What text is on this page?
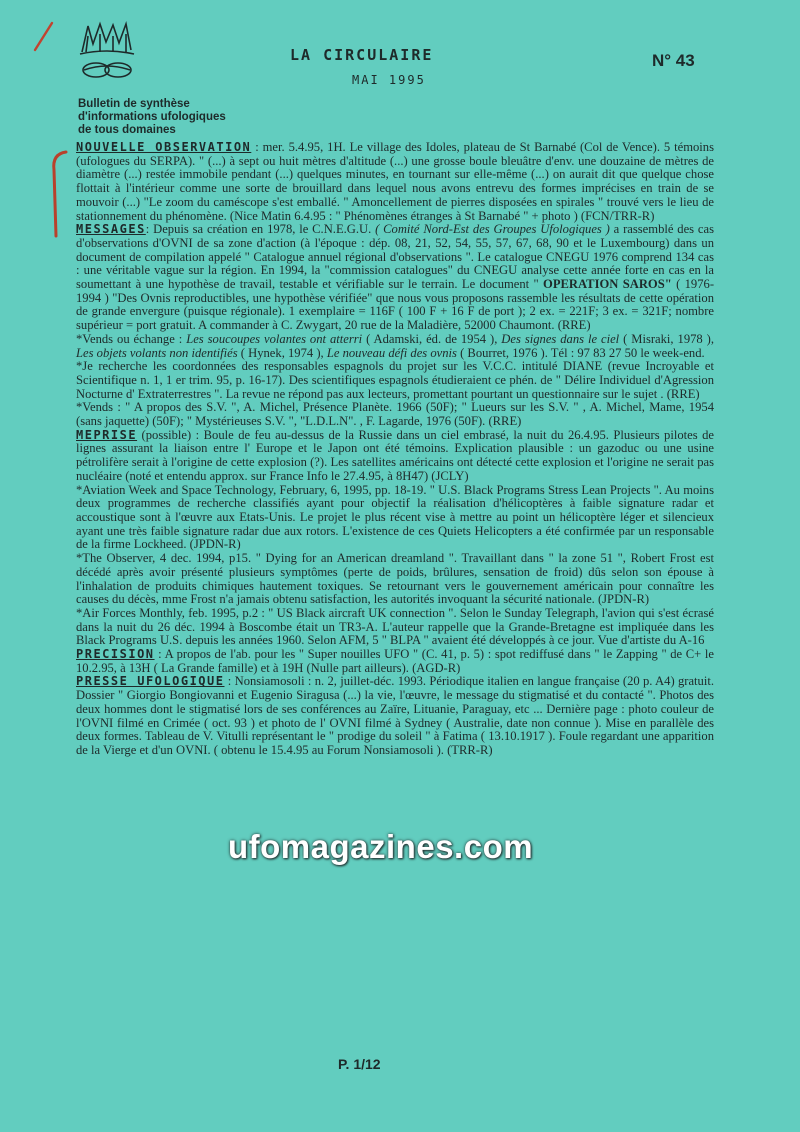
LA CIRCULAIRE
MAI 1995
N° 43
Bulletin de synthèse
d'informations ufologiques
de tous domaines

NOUVELLE OBSERVATION : mer. 5.4.95, 1H. Le village des Idoles, plateau de St Barnabé (Col de Vence). 5 témoins (ufologues du SERPA). " (...) à sept ou huit mètres d'altitude (...) une grosse boule bleuâtre d'env. une douzaine de mètres de diamètre (...) restée immobile pendant (...) quelques minutes, en tournant sur elle-même (...) on aurait dit que quelque chose flottait à l'intérieur comme une sorte de brouillard dans lequel nous avons entrevu des formes imprécises en train de se mouvoir (...) "Le zoom du caméscope s'est emballé. " Amoncellement de pierres disposées en spirales " trouvé vers le lieu de stationnement du phénomène. (Nice Matin 6.4.95 : " Phénomènes étranges à St Barnabé " + photo ) (FCN/TRR-R)

MESSAGES: Depuis sa création en 1978, le C.N.E.G.U. ( Comité Nord-Est des Groupes Ufologiques ) a rassemblé des cas d'observations d'OVNI de sa zone d'action (à l'époque : dép. 08, 21, 52, 54, 55, 57, 67, 68, 90 et le Luxembourg) dans un document de compilation appelé " Catalogue annuel régional d'observations ". Le catalogue CNEGU 1976 comprend 134 cas : une véritable vague sur la région. En 1994, la "commission catalogues" du CNEGU analyse cette année forte en cas en la soumettant à une hypothèse de travail, testable et vérifiable sur le terrain. Le document " OPERATION SAROS" ( 1976-1994 ) "Des Ovnis reproductibles, une hypothèse vérifiée" que nous vous proposons rassemble les résultats de cette opération de grande envergure (puisque régionale). 1 exemplaire = 116F ( 100 F + 16 F de port ); 2 ex. = 221F; 3 ex. = 321F; nombre supérieur = port gratuit. A commander à C. Zwygart, 20 rue de la Maladière, 52000 Chaumont. (RRE)

*Vends ou échange : Les soucoupes volantes ont atterri ( Adamski, éd. de 1954 ), Des signes dans le ciel ( Misraki, 1978 ), Les objets volants non identifiés ( Hynek, 1974 ), Le nouveau défi des ovnis ( Bourret, 1976 ). Tél : 97 83 27 50 le week-end.

*Je recherche les coordonnées des responsables espagnols du projet sur les V.C.C. intitulé DIANE (revue Incroyable et Scientifique n. 1, 1 er trim. 95, p. 16-17). Des scientifiques espagnols étudieraient ce phén. de " Délire Individuel d'Agression Nocturne d' Extraterrestres ". La revue ne répond pas aux lecteurs, promettant pourtant un questionnaire sur le sujet . (RRE)

*Vends : " A propos des S.V. ", A. Michel, Présence Planète. 1966 (50F); " Lueurs sur les S.V. " , A. Michel, Mame, 1954 (sans jaquette) (50F); " Mystérieuses S.V. ", "L.D.L.N". , F. Lagarde, 1976 (50F). (RRE)

MEPRISE (possible) : Boule de feu au-dessus de la Russie dans un ciel embrasé, la nuit du 26.4.95. Plusieurs pilotes de lignes assurant la liaison entre l' Europe et le Japon ont été témoins. Explication plausible : un gazoduc ou une usine pétrolifère serait à l'origine de cette explosion (?). Les satellites américains ont détecté cette explosion et l'origine ne serait pas nucléaire (noté et entendu approx. sur France Info le 27.4.95, à 8H47) (JCLY)

*Aviation Week and Space Technology, February, 6, 1995, pp. 18-19. " U.S. Black Programs Stress Lean Projects ". Au moins deux programmes de recherche classifiés ayant pour objectif la réalisation d'hélicoptères à faible signature radar et accoustique sont à l'œuvre aux Etats-Unis. Le projet le plus récent vise à mettre au point un hélicoptère léger et silencieux ayant une très faible signature radar due aux rotors. L'existence de ces Quiets Helicopters a été confirmée par un responsable de la firme Lockheed. (JPDN-R)

*The Observer, 4 dec. 1994, p15. " Dying for an American dreamland ". Travaillant dans " la zone 51 ", Robert Frost est décédé après avoir présenté plusieurs symptômes (perte de poids, brûlures, sensation de froid) dûs selon son épouse à l'inhalation de produits chimiques hautement toxiques. Se retournant vers le gouvernement américain pour connaître les causes du décès, mme Frost n'a jamais obtenu satisfaction, les autorités invoquant la sécurité nationale. (JPDN-R)

*Air Forces Monthly, feb. 1995, p.2 : " US Black aircraft UK connection ". Selon le Sunday Telegraph, l'avion qui s'est écrasé dans la nuit du 26 déc. 1994 à Boscombe était un TR3-A. L'auteur rappelle que la Grande-Bretagne est impliquée dans les Black Programs U.S. depuis les années 1960. Selon AFM, 5 " BLPA " avaient été développés à ce jour. Vue d'artiste du A-16

PRECISION : A propos de l'ab. pour les " Super nouilles UFO " (C. 41, p. 5) : spot rediffusé dans " le Zapping " de C+ le 10.2.95, à 13H ( La Grande famille) et à 19H (Nulle part ailleurs). (AGD-R)

PRESSE UFOLOGIQUE : Nonsiamosoli : n. 2, juillet-déc. 1993. Périodique italien en langue française (20 p. A4) gratuit. Dossier " Giorgio Bongiovanni et Eugenio Siragusa (...) la vie, l'œuvre, le message du stigmatisé et du contacté ". Photos des deux hommes dont le stigmatisé lors de ses conférences au Zaïre, Lituanie, Paraguay, etc ... Dernière page : photo couleur de l'OVNI filmé en Crimée ( oct. 93 ) et photo de l' OVNI filmé à Sydney ( Australie, date non connue ). Mise en parallèle des deux formes. Tableau de V. Vitulli représentant le " prodige du soleil " à Fatima ( 13.10.1917 ). Foule regardant une apparition de la Vierge et d'un OVNI. ( obtenu le 15.4.95 au Forum Nonsiamosoli ). (TRR-R)

ufomagazines.com
P. 1/12
